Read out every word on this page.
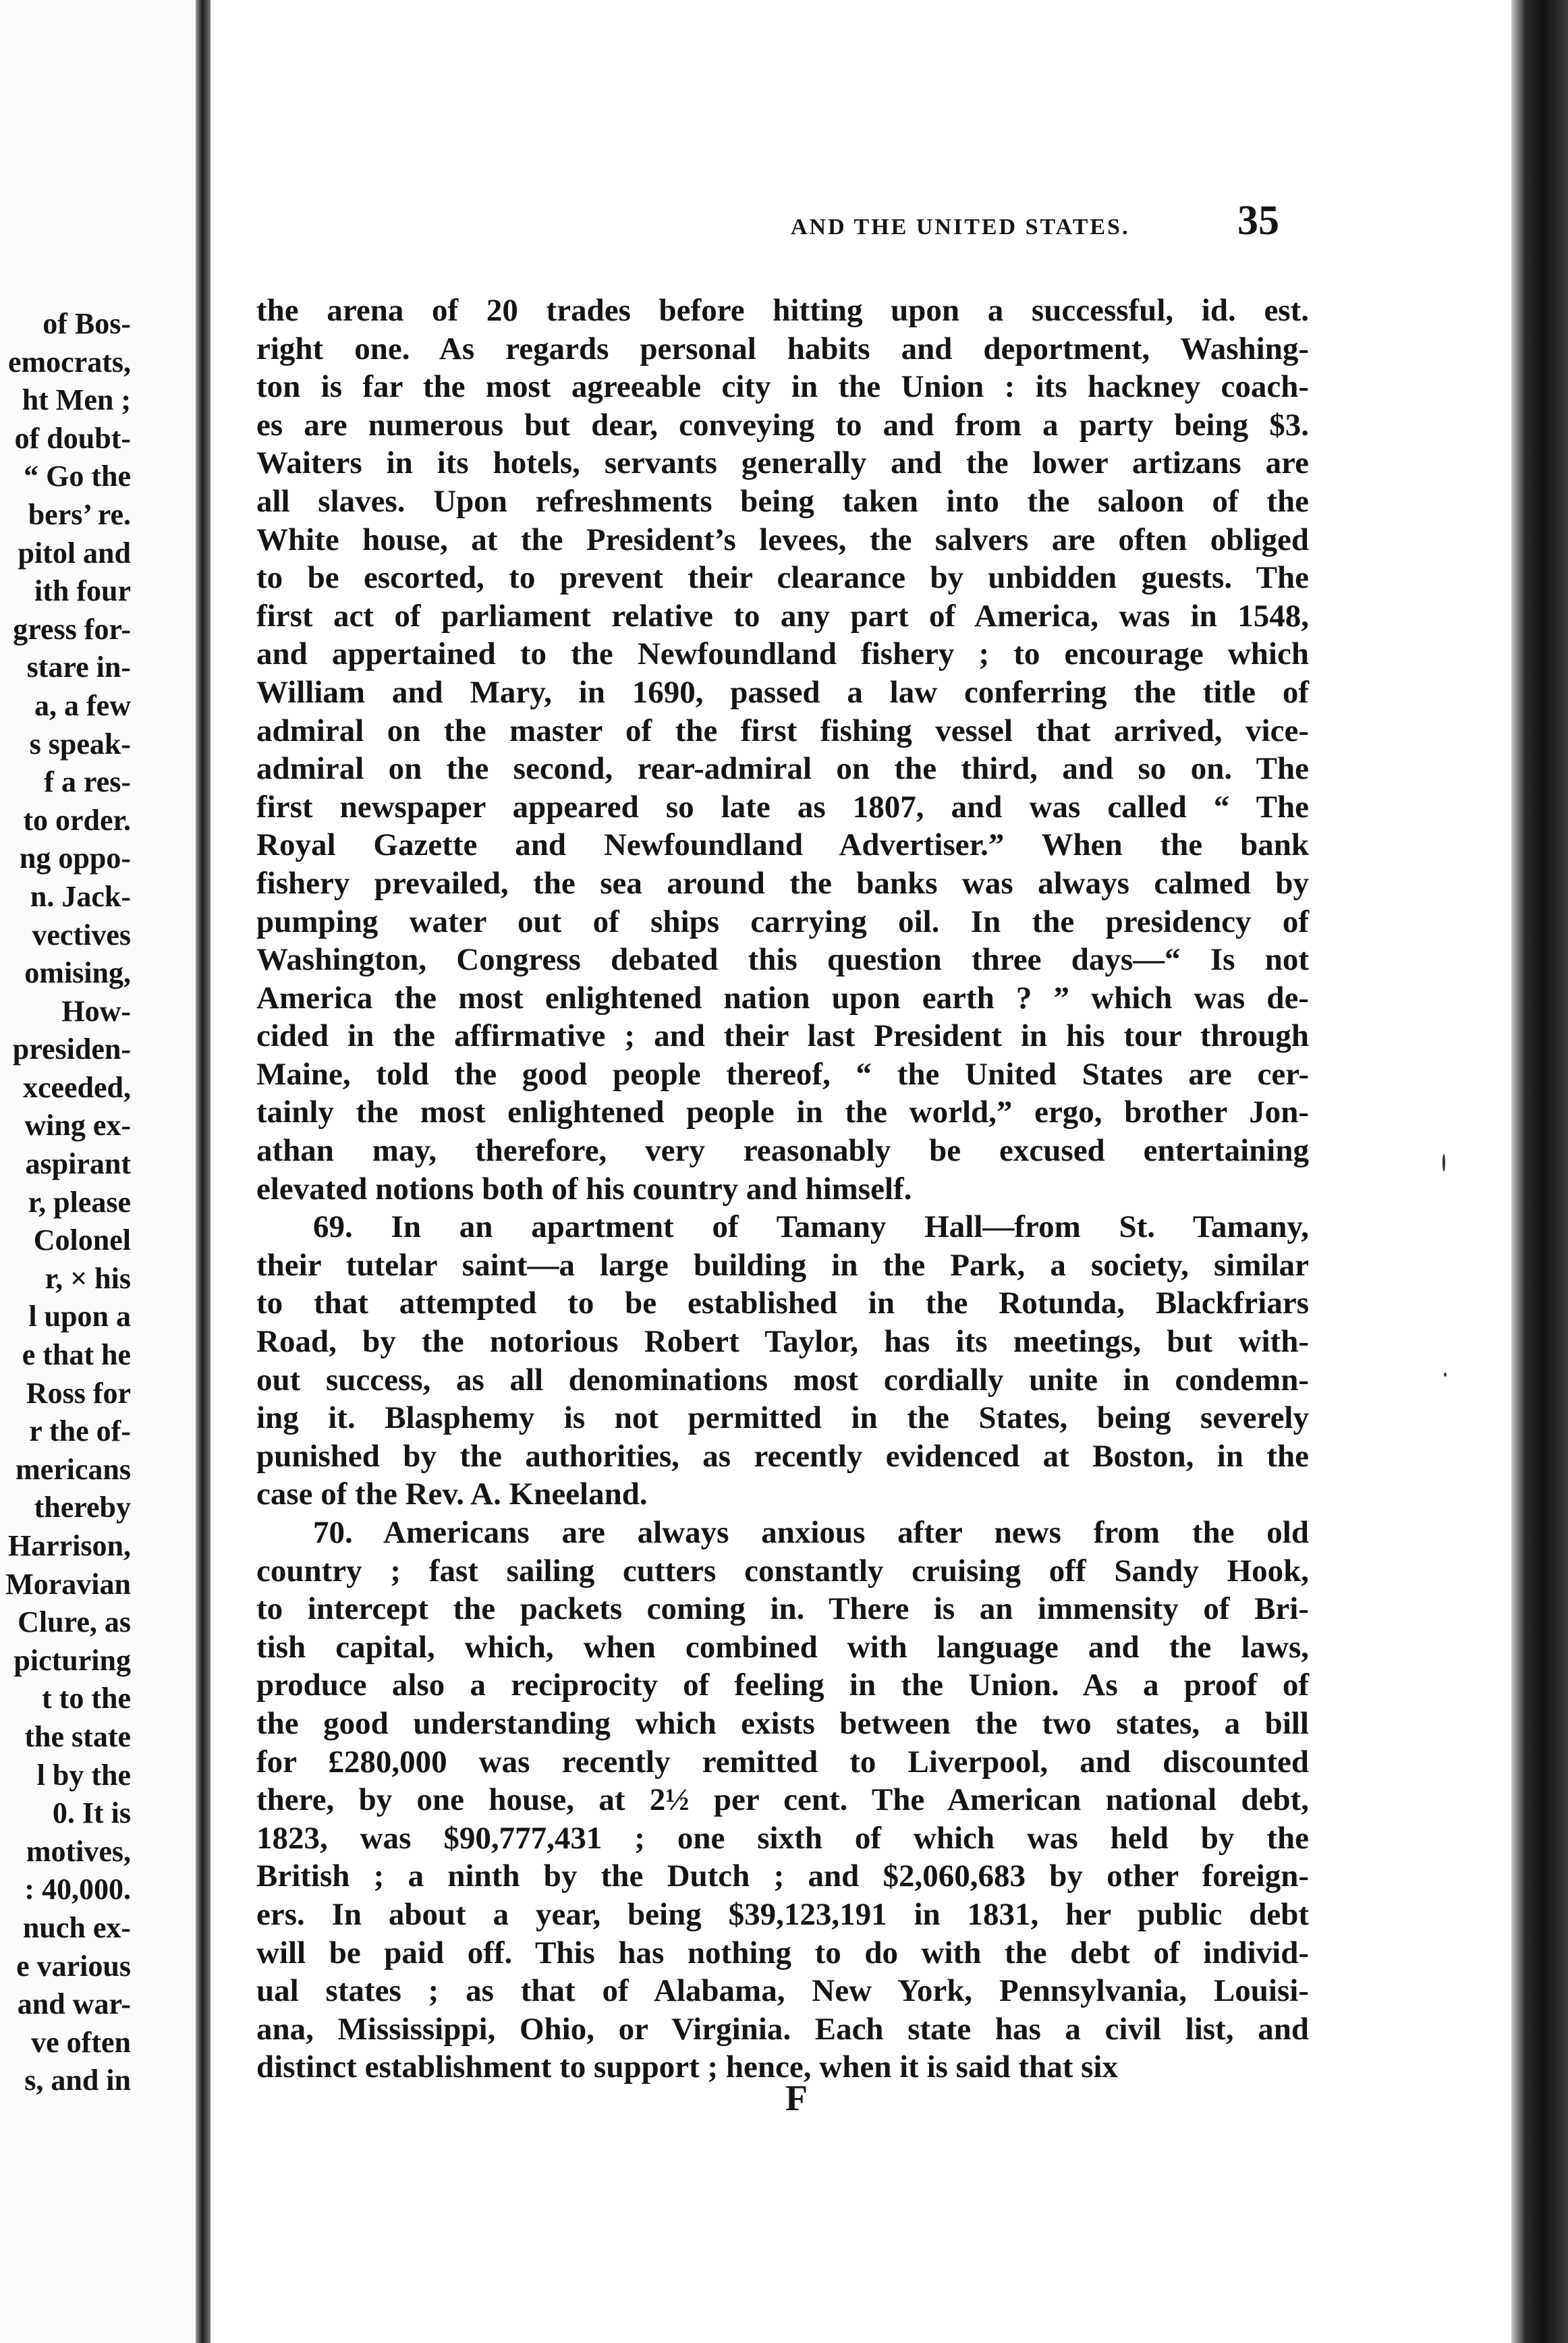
of Bos-
emocrats,
ht Men ;
of doubt-
“ Go the
bers’ re.
pitol and
ith four
gress for-
stare in-
a, a few
s speak-
f a res-
to order.
ng oppo-
n. Jack-
vectives
omising,
How-
presiden-
xceeded,
wing ex-
aspirant
r, please
Colonel
r, × his
l upon a
e that he
Ross for
r the of-
mericans
thereby
Harrison,
Moravian
Clure, as
picturing
t to the
the state
l by the
0. It is
motives,
: 40,000.
nuch ex-
e various
and war-
ve often
s, and in
AND THE UNITED STATES.	35
the arena of 20 trades before hitting upon a successful, id. est.
right one. As regards personal habits and deportment, Washing-
ton is far the most agreeable city in the Union : its hackney coach-
es are numerous but dear, conveying to and from a party being $3.
Waiters in its hotels, servants generally and the lower artizans are
all slaves. Upon refreshments being taken into the saloon of the
White house, at the President’s levees, the salvers are often obliged
to be escorted, to prevent their clearance by unbidden guests. The
first act of parliament relative to any part of America, was in 1548,
and appertained to the Newfoundland fishery ; to encourage which
William and Mary, in 1690, passed a law conferring the title of
admiral on the master of the first fishing vessel that arrived, vice-
admiral on the second, rear-admiral on the third, and so on. The
first newspaper appeared so late as 1807, and was called “ The
Royal Gazette and Newfoundland Advertiser.” When the bank
fishery prevailed, the sea around the banks was always calmed by
pumping water out of ships carrying oil. In the presidency of
Washington, Congress debated this question three days—“ Is not
America the most enlightened nation upon earth ? ” which was de-
cided in the affirmative ; and their last President in his tour through
Maine, told the good people thereof, “ the United States are cer-
tainly the most enlightened people in the world,” ergo, brother Jon-
athan may, therefore, very reasonably be excused entertaining
elevated notions both of his country and himself.
69. In an apartment of Tamany Hall—from St. Tamany,
their tutelar saint—a large building in the Park, a society, similar
to that attempted to be established in the Rotunda, Blackfriars
Road, by the notorious Robert Taylor, has its meetings, but with-
out success, as all denominations most cordially unite in condemn-
ing it. Blasphemy is not permitted in the States, being severely
punished by the authorities, as recently evidenced at Boston, in the
case of the Rev. A. Kneeland.
70. Americans are always anxious after news from the old
country ; fast sailing cutters constantly cruising off Sandy Hook,
to intercept the packets coming in. There is an immensity of Bri-
tish capital, which, when combined with language and the laws,
produce also a reciprocity of feeling in the Union. As a proof of
the good understanding which exists between the two states, a bill
for £280,000 was recently remitted to Liverpool, and discounted
there, by one house, at 2½ per cent. The American national debt,
1823, was $90,777,431 ; one sixth of which was held by the
British ; a ninth by the Dutch ; and $2,060,683 by other foreign-
ers. In about a year, being $39,123,191 in 1831, her public debt
will be paid off. This has nothing to do with the debt of individ-
ual states ; as that of Alabama, New York, Pennsylvania, Louisi-
ana, Mississippi, Ohio, or Virginia. Each state has a civil list, and
distinct establishment to support ; hence, when it is said that six
F
